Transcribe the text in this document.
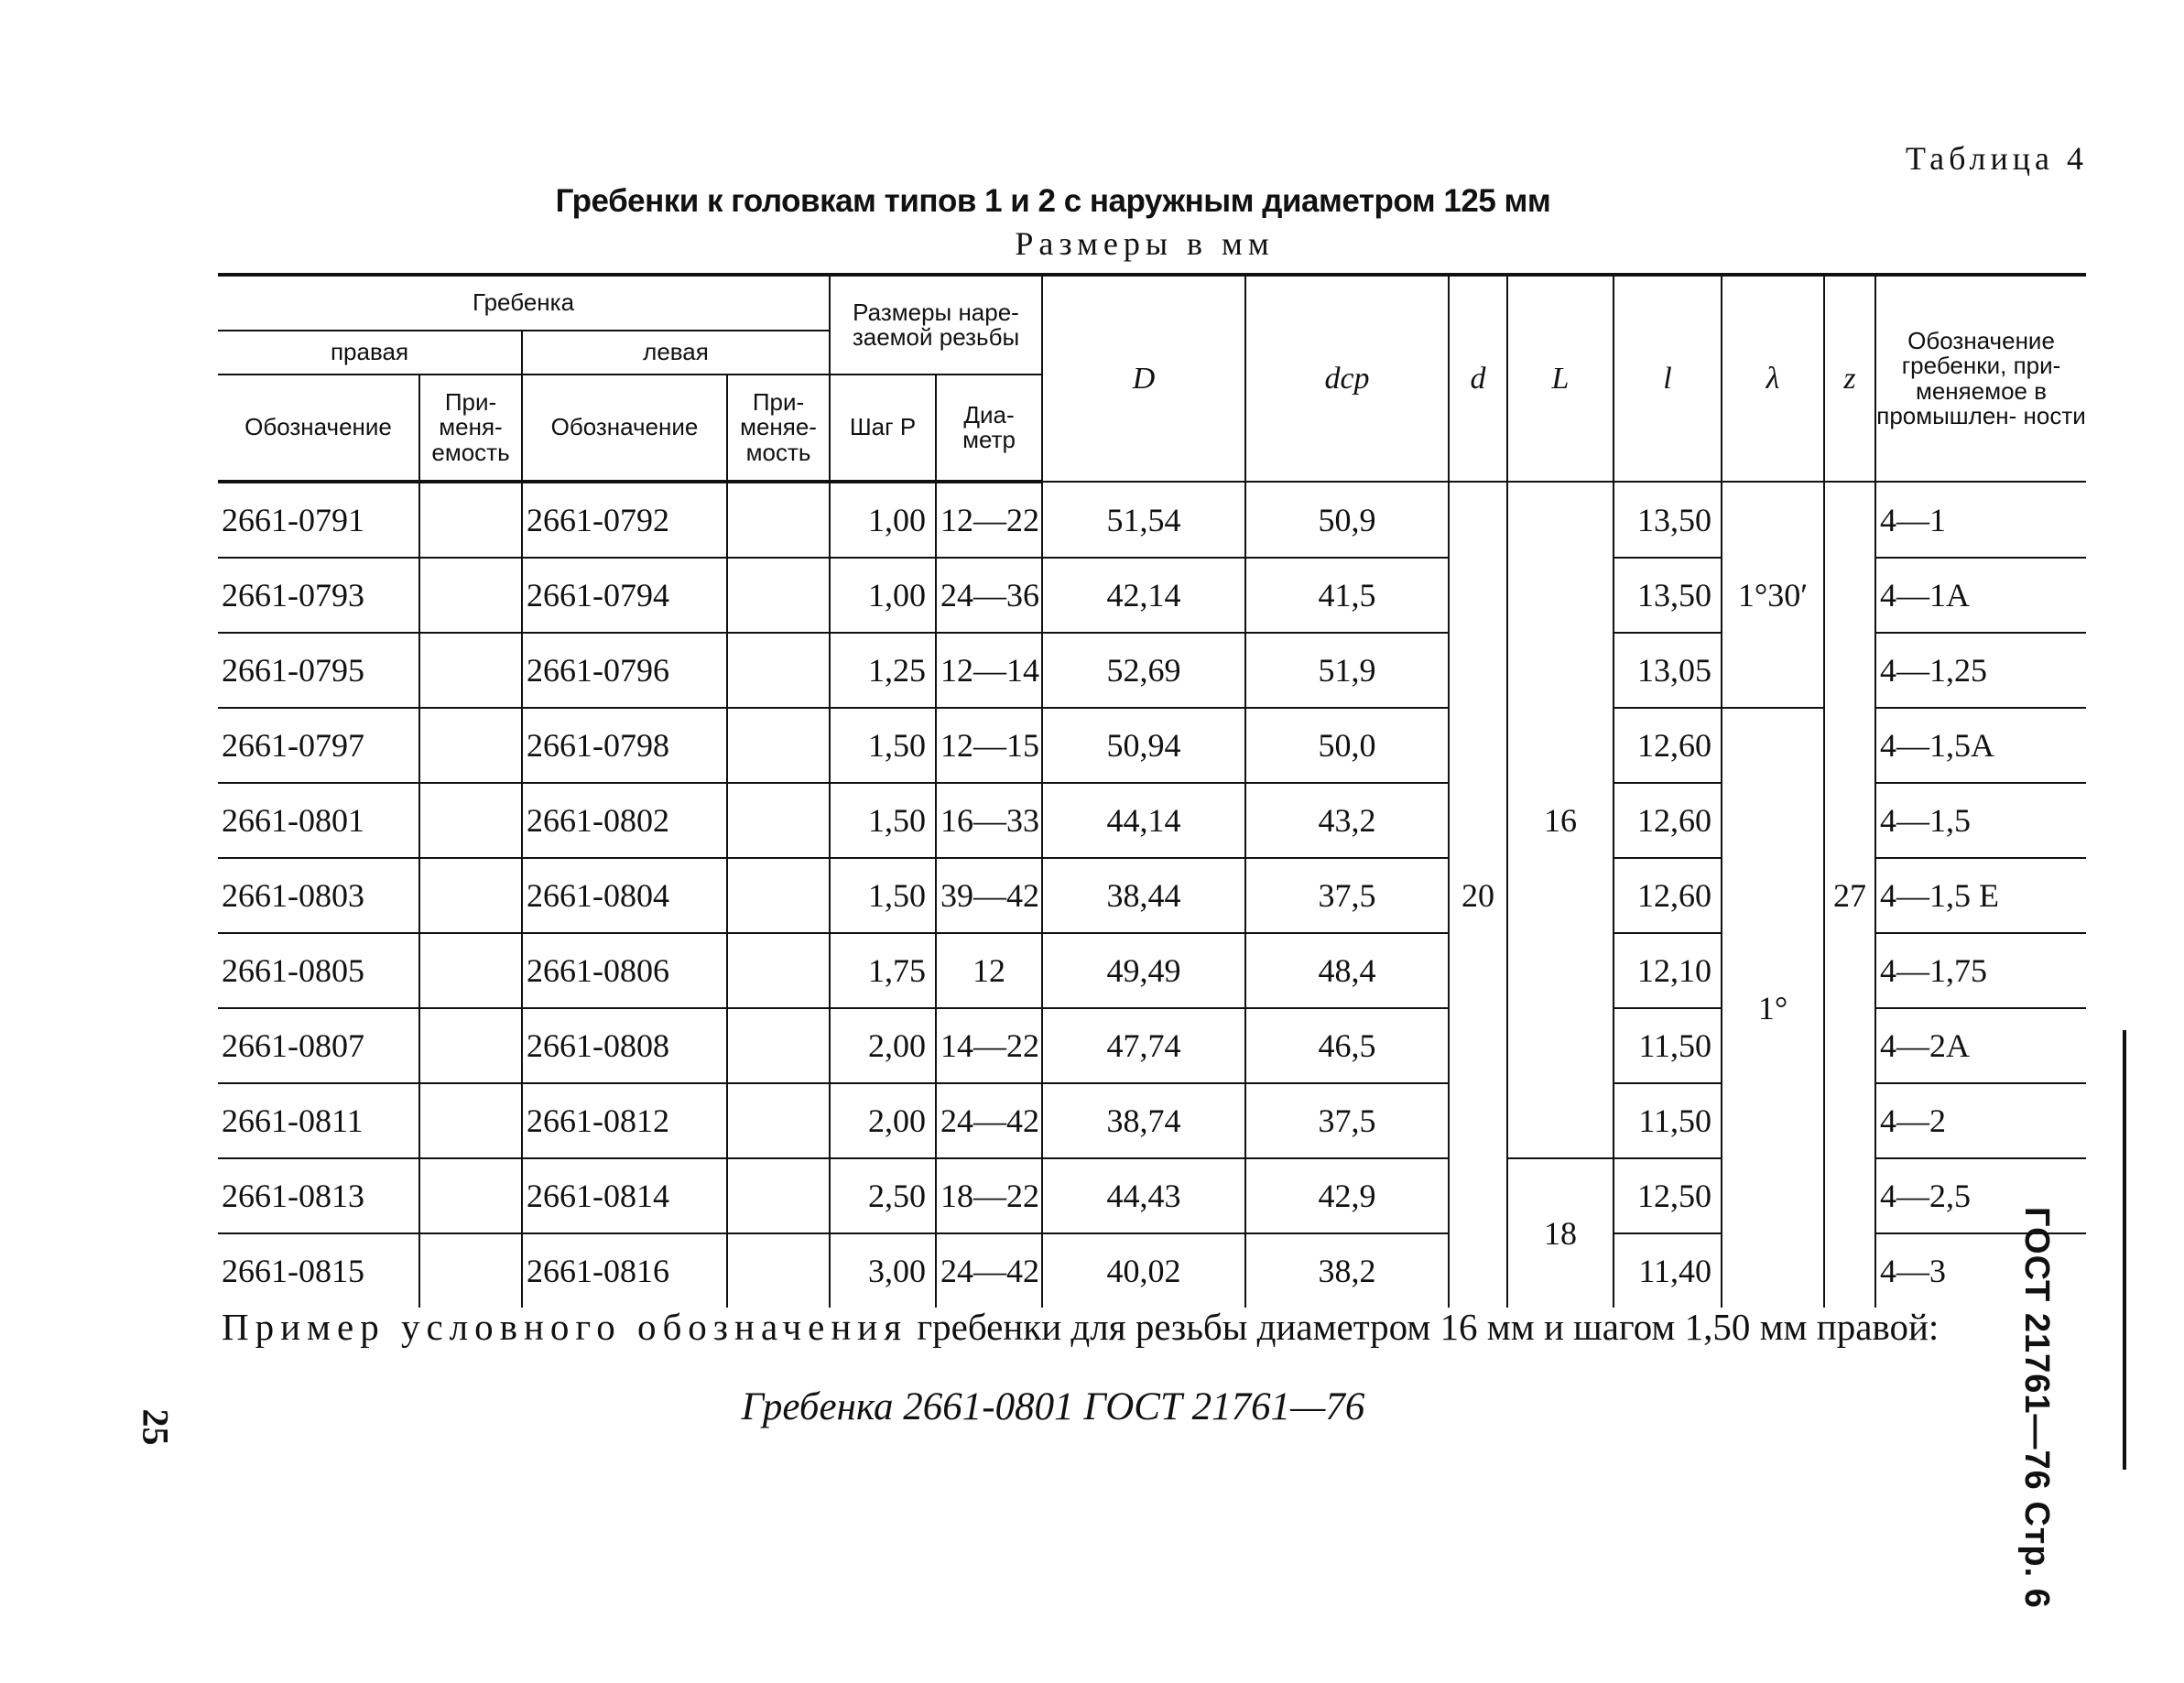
Таблица 4
Гребенки к головкам типов 1 и 2 с наружным диаметром 125 мм
Размеры в мм
Гребенка				Размеры наре- заемой резьбы		D	dср	d	L	l	λ	z	Обозначение гребенки, при- меняемое в промышлен- ности
правая		левая											
Обозначение	При- меня- емость	Обозначение	При- меняе- мость	Шаг P	Диа- метр								
2661-0791		2661-0792		1,00	12—22	51,54	50,9	20	16	13,50	1°30′	27	4—1
2661-0793		2661-0794		1,00	24—36	42,14	41,5			13,50			4—1А
2661-0795		2661-0796		1,25	12—14	52,69	51,9			13,05			4—1,25
2661-0797		2661-0798		1,50	12—15	50,94	50,0			12,60	1°		4—1,5А
2661-0801		2661-0802		1,50	16—33	44,14	43,2			12,60			4—1,5
2661-0803		2661-0804		1,50	39—42	38,44	37,5			12,60			4—1,5 Е
2661-0805		2661-0806		1,75	12	49,49	48,4			12,10			4—1,75
2661-0807		2661-0808		2,00	14—22	47,74	46,5			11,50			4—2А
2661-0811		2661-0812		2,00	24—42	38,74	37,5			11,50			4—2
2661-0813		2661-0814		2,50	18—22	44,43	42,9		18	12,50			4—2,5
2661-0815		2661-0816		3,00	24—42	40,02	38,2			11,40			4—3
Пример условного обозначения гребенки для резьбы диаметром 16 мм и шагом 1,50 мм правой:
Гребенка 2661-0801 ГОСТ 21761—76
25	ГОСТ 21761—76 Стр. 6
